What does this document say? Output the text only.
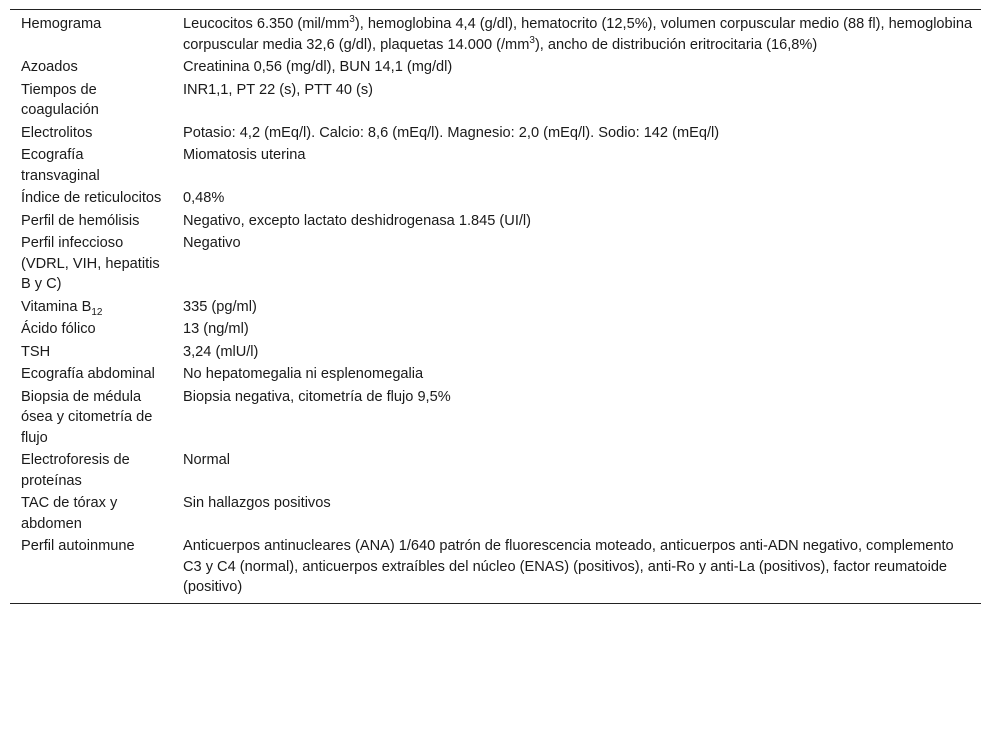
Hemograma	Leucocitos 6.350 $(mil/mm^3)$, hemoglobina 4,4 (g/dl), hematocrito (12,5%), volumen corpuscular medio (88 fl), hemoglobina corpuscular media 32,6 (g/dl), plaquetas 14.000 $(/mm^3)$, ancho de distribución eritrocitaria (16,8%)
Azoados	Creatinina 0,56 (mg/dl), BUN 14,1 (mg/dl)
Tiempos de coagulación	INR1,1, PT 22 (s), PTT 40 (s)
Electrolitos	Potasio: 4,2 (mEq/l). Calcio: 8,6 (mEq/l). Magnesio: 2,0 (mEq/l). Sodio: 142 (mEq/l)
Ecografía transvaginal	Miomatosis uterina
Índice de reticulocitos	0,48%
Perfil de hemólisis	Negativo, excepto lactato deshidrogenasa 1.845 (UI/l)
Perfil infeccioso (VDRL, VIH, hepatitis B y C)	Negativo
Vitamina $B_{12}$	335 (pg/ml)
Ácido fólico	13 (ng/ml)
TSH	3,24 (mlU/l)
Ecografía abdominal	No hepatomegalia ni esplenomegalia
Biopsia de médula ósea y citometría de flujo	Biopsia negativa, citometría de flujo 9,5%
Electroforesis de proteínas	Normal
TAC de tórax y abdomen	Sin hallazgos positivos
Perfil autoinmune	Anticuerpos antinucleares (ANA) 1/640 patrón de fluorescencia moteado, anticuerpos anti-ADN negativo, complemento C3 y C4 (normal), anticuerpos extraíbles del núcleo (ENAS) (positivos), anti-Ro y anti-La (positivos), factor reumatoide (positivo)
